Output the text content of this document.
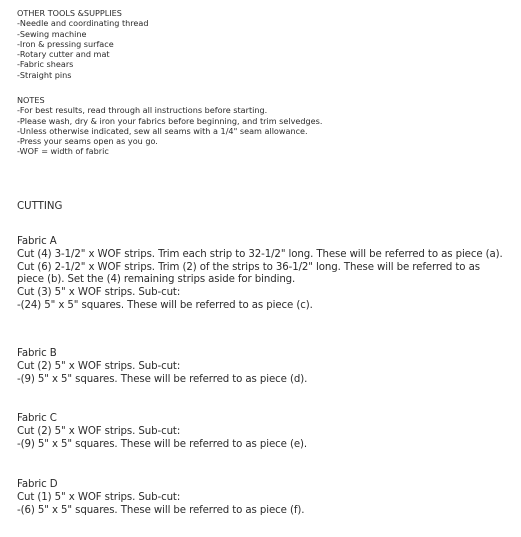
OTHER TOOLS &SUPPLIES
-Needle and coordinating thread
-Sewing machine
-Iron & pressing surface
-Rotary cutter and mat
-Fabric shears
-Straight pins
NOTES
-For best results, read through all instructions before starting.
-Please wash, dry & iron your fabrics before beginning, and trim selvedges.
-Unless otherwise indicated, sew all seams with a 1/4" seam allowance.
-Press your seams open as you go.
-WOF = width of fabric
CUTTING
Fabric A
Cut (4) 3-1/2" x WOF strips. Trim each strip to 32-1/2" long. These will be referred to as piece (a).
Cut (6) 2-1/2" x WOF strips. Trim (2) of the strips to 36-1/2" long. These will be referred to as piece (b). Set the (4) remaining strips aside for binding.
Cut (3) 5" x WOF strips. Sub-cut:
-(24) 5" x 5" squares. These will be referred to as piece (c).
Fabric B
Cut (2) 5" x WOF strips. Sub-cut:
-(9) 5" x 5" squares. These will be referred to as piece (d).
Fabric C
Cut (2) 5" x WOF strips. Sub-cut:
-(9) 5" x 5" squares. These will be referred to as piece (e).
Fabric D
Cut (1) 5" x WOF strips. Sub-cut:
-(6) 5" x 5" squares. These will be referred to as piece (f).
